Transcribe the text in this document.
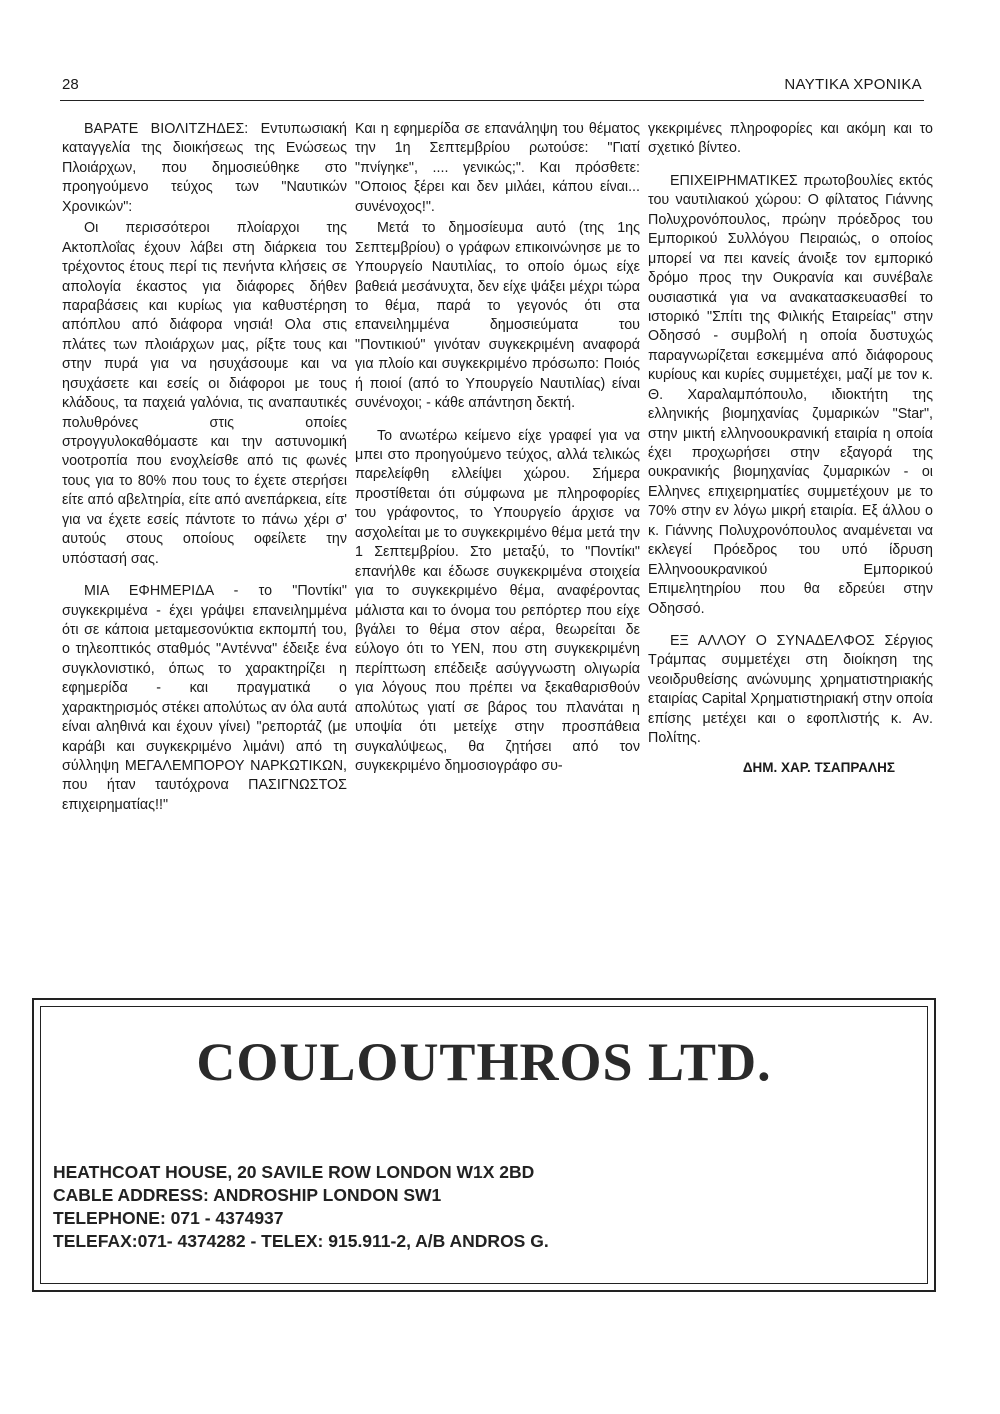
28	ΝΑΥΤΙΚΑ ΧΡΟΝΙΚΑ

ΒΑΡΑΤΕ ΒΙΟΛΙΤΖΗΔΕΣ: Εντυπωσιακή καταγγελία της διοικήσεως της Ενώσεως Πλοιάρχων, που δημοσιεύθηκε στο προηγούμενο τεύχος των "Ναυτικών Χρονικών":

Οι περισσότεροι πλοίαρχοι της Ακτοπλοΐας έχουν λάβει στη διάρκεια του τρέχοντος έτους περί τις πενήντα κλήσεις σε απολογία έκαστος για διάφορες δήθεν παραβάσεις και κυρίως για καθυστέρηση απόπλου από διάφορα νησιά! Ολα στις πλάτες των πλοιάρχων μας, ρίξτε τους και στην πυρά για να ησυχάσουμε και να ησυχάσετε και εσείς οι διάφοροι με τους κλάδους, τα παχειά γαλόνια, τις αναπαυτικές πολυθρόνες στις οποίες στρογγυλοκαθόμαστε και την αστυνομική νοοτροπία που ενοχλείσθε από τις φωνές τους για το 80% που τους το έχετε στερήσει είτε από αβελτηρία, είτε από ανεπάρκεια, είτε για να έχετε εσείς πάντοτε το πάνω χέρι σ' αυτούς στους οποίους οφείλετε την υπόστασή σας.

ΜΙΑ ΕΦΗΜΕΡΙΔΑ - το "Ποντίκι" συγκεκριμένα - έχει γράψει επανειλημμένα ότι σε κάποια μεταμεσονύκτια εκπομπή του, ο τηλεοπτικός σταθμός "Αντέννα" έδειξε ένα συγκλονιστικό, όπως το χαρακτηρίζει η εφημερίδα - και πραγματικά ο χαρακτηρισμός στέκει απολύτως αν όλα αυτά είναι αληθινά και έχουν γίνει) "ρεπορτάζ (με καράβι και συγκεκριμένο λιμάνι) από τη σύλληψη ΜΕΓΑΛΕΜΠΟΡΟΥ ΝΑΡΚΩΤΙΚΩΝ, που ήταν ταυτόχρονα ΠΑΣΙΓΝΩΣΤΟΣ επιχειρηματίας!!"

Και η εφημερίδα σε επανάληψη του θέματος την 1η Σεπτεμβρίου ρωτούσε: "Γιατί "πνίγηκε", .... γενικώς;". Και πρόσθετε: "Οποιος ξέρει και δεν μιλάει, κάπου είναι... συνένοχος!".

Μετά το δημοσίευμα αυτό (της 1ης Σεπτεμβρίου) ο γράφων επικοινώνησε με το Υπουργείο Ναυτιλίας, το οποίο όμως είχε βαθειά μεσάνυχτα, δεν είχε ψάξει μέχρι τώρα το θέμα, παρά το γεγονός ότι στα επανειλημμένα δημοσιεύματα του "Ποντικιού" γινόταν συγκεκριμένη αναφορά για πλοίο και συγκεκριμένο πρόσωπο: Ποιός ή ποιοί (από το Υπουργείο Ναυτιλίας) είναι συνένοχοι; - κάθε απάντηση δεκτή.

Το ανωτέρω κείμενο είχε γραφεί για να μπει στο προηγούμενο τεύχος, αλλά τελικώς παρελείφθη ελλείψει χώρου. Σήμερα προστίθεται ότι σύμφωνα με πληροφορίες του γράφοντος, το Υπουργείο άρχισε να ασχολείται με το συγκεκριμένο θέμα μετά την 1 Σεπτεμβρίου. Στο μεταξύ, το "Ποντίκι" επανήλθε και έδωσε συγκεκριμένα στοιχεία για το συγκεκριμένο θέμα, αναφέροντας μάλιστα και το όνομα του ρεπόρτερ που είχε βγάλει το θέμα στον αέρα, θεωρείται δε εύλογο ότι το ΥΕΝ, που στη συγκεκριμένη περίπτωση επέδειξε ασύγγνωστη ολιγωρία για λόγους που πρέπει να ξεκαθαρισθούν απολύτως γιατί σε βάρος του πλανάται η υποψία ότι μετείχε στην προσπάθεια συγκαλύψεως, θα ζητήσει από τον συγκεκριμένο δημοσιογράφο συ-

γκεκριμένες πληροφορίες και ακόμη και το σχετικό βίντεο.

ΕΠΙΧΕΙΡΗΜΑΤΙΚΕΣ πρωτοβουλίες εκτός του ναυτιλιακού χώρου: Ο φίλτατος Γιάννης Πολυχρονόπουλος, πρώην πρόεδρος του Εμπορικού Συλλόγου Πειραιώς, ο οποίος μπορεί να πει κανείς άνοιξε τον εμπορικό δρόμο προς την Ουκρανία και συνέβαλε ουσιαστικά για να ανακατασκευασθεί το ιστορικό "Σπίτι της Φιλικής Εταιρείας" στην Οδησσό - συμβολή η οποία δυστυχώς παραγνωρίζεται εσκεμμένα από διάφορους κυρίους και κυρίες συμμετέχει, μαζί με τον κ. Θ. Χαραλαμπόπουλο, ιδιοκτήτη της ελληνικής βιομηχανίας ζυμαρικών "Star", στην μικτή ελληνοουκρανική εταιρία η οποία έχει προχωρήσει στην εξαγορά της ουκρανικής βιομηχανίας ζυμαρικών - οι Ελληνες επιχειρηματίες συμμετέχουν με το 70% στην εν λόγω μικρή εταιρία. Εξ άλλου ο κ. Γιάννης Πολυχρονόπουλος αναμένεται να εκλεγεί Πρόεδρος του υπό ίδρυση Ελληνοουκρανικού Εμπορικού Επιμελητηρίου που θα εδρεύει στην Οδησσό.

ΕΞ ΑΛΛΟΥ Ο ΣΥΝΑΔΕΛΦΟΣ Σέργιος Τράμπας συμμετέχει στη διοίκηση της νεοιδρυθείσης ανώνυμης χρηματιστηριακής εταιρίας Capital Χρηματιστηριακή στην οποία επίσης μετέχει και ο εφοπλιστής κ. Αν. Πολίτης.

ΔΗΜ. ΧΑΡ. ΤΣΑΠΡΑΛΗΣ
COULOUTHROS LTD.
HEATHCOAT HOUSE, 20 SAVILE ROW LONDON W1X 2BD
CABLE ADDRESS: ANDROSHIP LONDON SW1
TELEPHONE: 071 - 4374937
TELEFAX:071- 4374282 - TELEX: 915.911-2, A/B ANDROS G.
